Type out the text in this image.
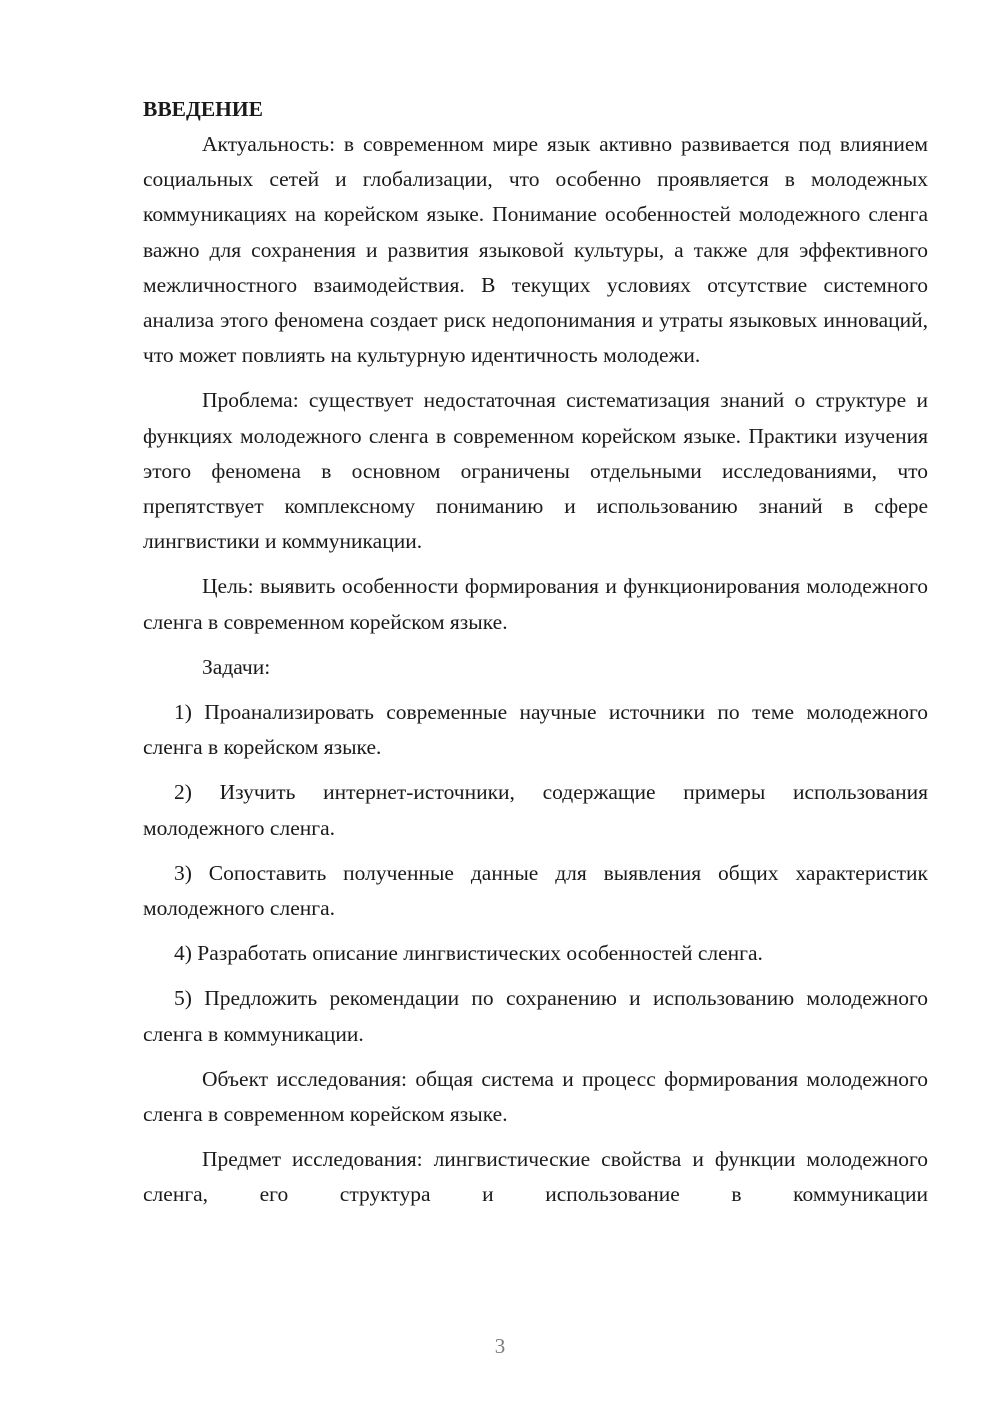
ВВЕДЕНИЕ

Актуальность: в современном мире язык активно развивается под влиянием социальных сетей и глобализации, что особенно проявляется в молодежных коммуникациях на корейском языке. Понимание особенностей молодежного сленга важно для сохранения и развития языковой культуры, а также для эффективного межличностного взаимодействия. В текущих условиях отсутствие системного анализа этого феномена создает риск недопонимания и утраты языковых инноваций, что может повлиять на культурную идентичность молодежи.

Проблема: существует недостаточная систематизация знаний о структуре и функциях молодежного сленга в современном корейском языке. Практики изучения этого феномена в основном ограничены отдельными исследованиями, что препятствует комплексному пониманию и использованию знаний в сфере лингвистики и коммуникации.

Цель: выявить особенности формирования и функционирования молодежного сленга в современном корейском языке.

Задачи:

1) Проанализировать современные научные источники по теме молодежного сленга в корейском языке.

2) Изучить интернет-источники, содержащие примеры использования молодежного сленга.

3) Сопоставить полученные данные для выявления общих характеристик молодежного сленга.

4) Разработать описание лингвистических особенностей сленга.

5) Предложить рекомендации по сохранению и использованию молодежного сленга в коммуникации.

Объект исследования: общая система и процесс формирования молодежного сленга в современном корейском языке.

Предмет исследования: лингвистические свойства и функции молодежного сленга, его структура и использование в коммуникации

3
